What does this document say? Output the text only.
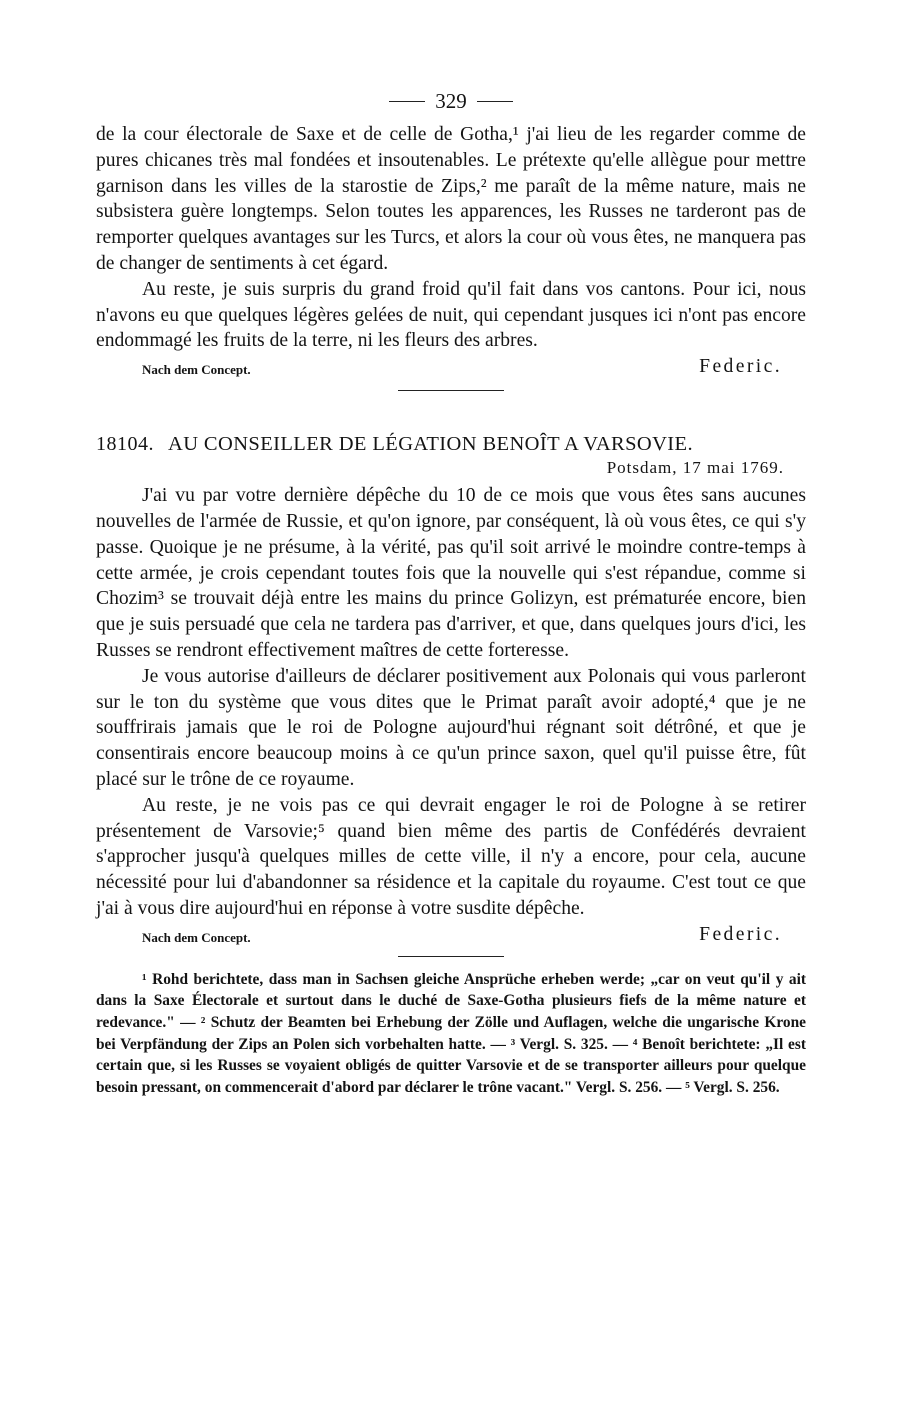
329

de la cour électorale de Saxe et de celle de Gotha,¹ j'ai lieu de les regarder comme de pures chicanes très mal fondées et insoutenables. Le prétexte qu'elle allègue pour mettre garnison dans les villes de la starostie de Zips,² me paraît de la même nature, mais ne subsistera guère longtemps. Selon toutes les apparences, les Russes ne tarderont pas de remporter quelques avantages sur les Turcs, et alors la cour où vous êtes, ne manquera pas de changer de sentiments à cet égard.

Au reste, je suis surpris du grand froid qu'il fait dans vos cantons. Pour ici, nous n'avons eu que quelques légères gelées de nuit, qui cependant jusques ici n'ont pas encore endommagé les fruits de la terre, ni les fleurs des arbres.

Nach dem Concept.	Federic.
18104. AU CONSEILLER DE LÉGATION BENOÎT A VARSOVIE.
Potsdam, 17 mai 1769.

J'ai vu par votre dernière dépêche du 10 de ce mois que vous êtes sans aucunes nouvelles de l'armée de Russie, et qu'on ignore, par conséquent, là où vous êtes, ce qui s'y passe. Quoique je ne présume, à la vérité, pas qu'il soit arrivé le moindre contre-temps à cette armée, je crois cependant toutes fois que la nouvelle qui s'est répandue, comme si Chozim³ se trouvait déjà entre les mains du prince Golizyn, est prématurée encore, bien que je suis persuadé que cela ne tardera pas d'arriver, et que, dans quelques jours d'ici, les Russes se rendront effectivement maîtres de cette forteresse.

Je vous autorise d'ailleurs de déclarer positivement aux Polonais qui vous parleront sur le ton du système que vous dites que le Primat paraît avoir adopté,⁴ que je ne souffrirais jamais que le roi de Pologne aujourd'hui régnant soit détrôné, et que je consentirais encore beaucoup moins à ce qu'un prince saxon, quel qu'il puisse être, fût placé sur le trône de ce royaume.

Au reste, je ne vois pas ce qui devrait engager le roi de Pologne à se retirer présentement de Varsovie;⁵ quand bien même des partis de Confédérés devraient s'approcher jusqu'à quelques milles de cette ville, il n'y a encore, pour cela, aucune nécessité pour lui d'abandonner sa résidence et la capitale du royaume. C'est tout ce que j'ai à vous dire aujourd'hui en réponse à votre susdite dépêche.

Nach dem Concept.	Federic.

¹ Rohd berichtete, dass man in Sachsen gleiche Ansprüche erheben werde; „car on veut qu'il y ait dans la Saxe Électorale et surtout dans le duché de Saxe-Gotha plusieurs fiefs de la même nature et redevance." — ² Schutz der Beamten bei Erhebung der Zölle und Auflagen, welche die ungarische Krone bei Verpfändung der Zips an Polen sich vorbehalten hatte. — ³ Vergl. S. 325. — ⁴ Benoît berichtete: „Il est certain que, si les Russes se voyaient obligés de quitter Varsovie et de se transporter ailleurs pour quelque besoin pressant, on commencerait d'abord par déclarer le trône vacant." Vergl. S. 256. — ⁵ Vergl. S. 256.
